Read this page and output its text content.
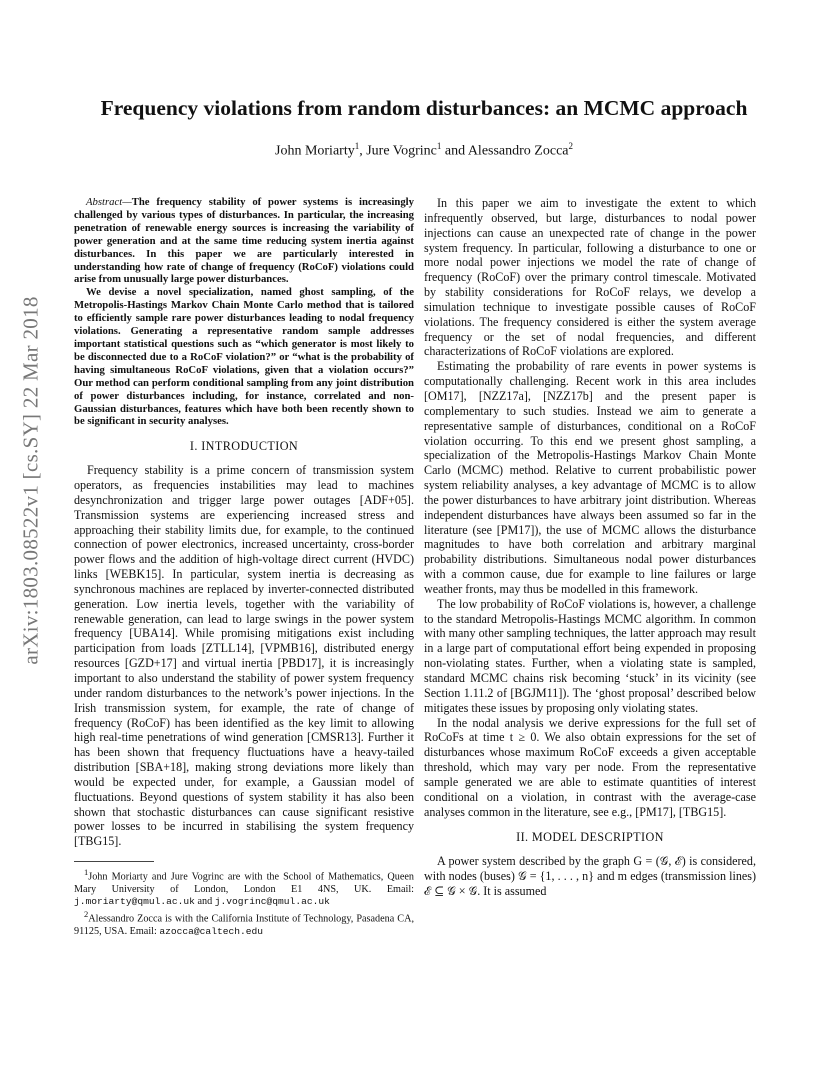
arXiv:1803.08522v1 [cs.SY] 22 Mar 2018
Frequency violations from random disturbances: an MCMC approach
John Moriarty$^1$, Jure Vogrinc$^1$ and Alessandro Zocca$^2$

Abstract—The frequency stability of power systems is increasingly challenged by various types of disturbances. In particular, the increasing penetration of renewable energy sources is increasing the variability of power generation and at the same time reducing system inertia against disturbances. In this paper we are particularly interested in understanding how rate of change of frequency (RoCoF) violations could arise from unusually large power disturbances.

We devise a novel specialization, named ghost sampling, of the Metropolis-Hastings Markov Chain Monte Carlo method that is tailored to efficiently sample rare power disturbances leading to nodal frequency violations. Generating a representative random sample addresses important statistical questions such as “which generator is most likely to be disconnected due to a RoCoF violation?” or “what is the probability of having simultaneous RoCoF violations, given that a violation occurs?” Our method can perform conditional sampling from any joint distribution of power disturbances including, for instance, correlated and non-Gaussian disturbances, features which have both been recently shown to be significant in security analyses.

I. INTRODUCTION

Frequency stability is a prime concern of transmission system operators, as frequencies instabilities may lead to machines desynchronization and trigger large power outages [ADF+05]. Transmission systems are experiencing increased stress and approaching their stability limits due, for example, to the continued connection of power electronics, increased uncertainty, cross-border power flows and the addition of high-voltage direct current (HVDC) links [WEBK15]. In particular, system inertia is decreasing as synchronous machines are replaced by inverter-connected distributed generation. Low inertia levels, together with the variability of renewable generation, can lead to large swings in the power system frequency [UBA14]. While promising mitigations exist including participation from loads [ZTLL14], [VPMB16], distributed energy resources [GZD+17] and virtual inertia [PBD17], it is increasingly important to also understand the stability of power system frequency under random disturbances to the network’s power injections. In the Irish transmission system, for example, the rate of change of frequency (RoCoF) has been identified as the key limit to allowing high real-time penetrations of wind generation [CMSR13]. Further it has been shown that frequency fluctuations have a heavy-tailed distribution [SBA+18], making strong deviations more likely than would be expected under, for example, a Gaussian model of fluctuations. Beyond questions of system stability it has also been shown that stochastic disturbances can cause significant resistive power losses to be incurred in stabilising the system frequency [TBG15].

$^1$John Moriarty and Jure Vogrinc are with the School of Mathematics, Queen Mary University of London, London E1 4NS, UK. Email: j.moriarty@qmul.ac.uk and j.vogrinc@qmul.ac.uk

$^2$Alessandro Zocca is with the California Institute of Technology, Pasadena CA, 91125, USA. Email: azocca@caltech.edu

In this paper we aim to investigate the extent to which infrequently observed, but large, disturbances to nodal power injections can cause an unexpected rate of change in the power system frequency. In particular, following a disturbance to one or more nodal power injections we model the rate of change of frequency (RoCoF) over the primary control timescale. Motivated by stability considerations for RoCoF relays, we develop a simulation technique to investigate possible causes of RoCoF violations. The frequency considered is either the system average frequency or the set of nodal frequencies, and different characterizations of RoCoF violations are explored.

Estimating the probability of rare events in power systems is computationally challenging. Recent work in this area includes [OM17], [NZZ17a], [NZZ17b] and the present paper is complementary to such studies. Instead we aim to generate a representative sample of disturbances, conditional on a RoCoF violation occurring. To this end we present ghost sampling, a specialization of the Metropolis-Hastings Markov Chain Monte Carlo (MCMC) method. Relative to current probabilistic power system reliability analyses, a key advantage of MCMC is to allow the power disturbances to have arbitrary joint distribution. Whereas independent disturbances have always been assumed so far in the literature (see [PM17]), the use of MCMC allows the disturbance magnitudes to have both correlation and arbitrary marginal probability distributions. Simultaneous nodal power disturbances with a common cause, due for example to line failures or large weather fronts, may thus be modelled in this framework.

The low probability of RoCoF violations is, however, a challenge to the standard Metropolis-Hastings MCMC algorithm. In common with many other sampling techniques, the latter approach may result in a large part of computational effort being expended in proposing non-violating states. Further, when a violating state is sampled, standard MCMC chains risk becoming ‘stuck’ in its vicinity (see Section 1.11.2 of [BGJM11]). The ‘ghost proposal’ described below mitigates these issues by proposing only violating states.

In the nodal analysis we derive expressions for the full set of RoCoFs at time t ≥ 0. We also obtain expressions for the set of disturbances whose maximum RoCoF exceeds a given acceptable threshold, which may vary per node. From the representative sample generated we are able to estimate quantities of interest conditional on a violation, in contrast with the average-case analyses common in the literature, see e.g., [PM17], [TBG15].

II. MODEL DESCRIPTION

A power system described by the graph G = (𝒢, ℰ) is considered, with nodes (buses) 𝒢 = {1, . . . , n} and m edges (transmission lines) ℰ ⊆ 𝒢 × 𝒢. It is assumed
